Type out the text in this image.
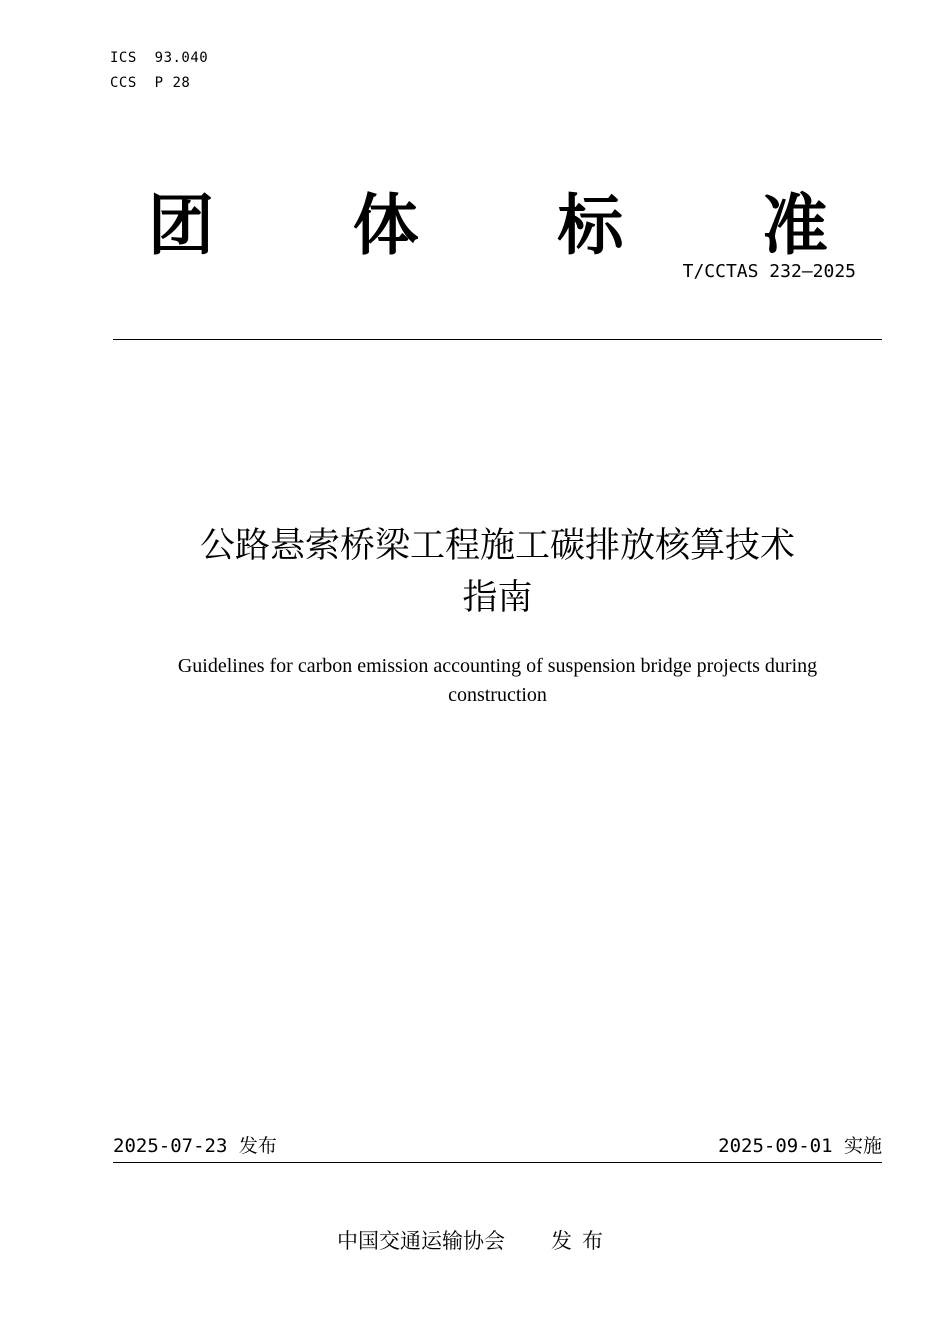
ICS  93.040
CCS  P 28
团 体 标 准
T/CCTAS 232—2025
公路悬索桥梁工程施工碳排放核算技术
指南
Guidelines for carbon emission accounting of suspension bridge projects during
construction
2025-07-23 发布	2025-09-01 实施
中国交通运输协会 发布
